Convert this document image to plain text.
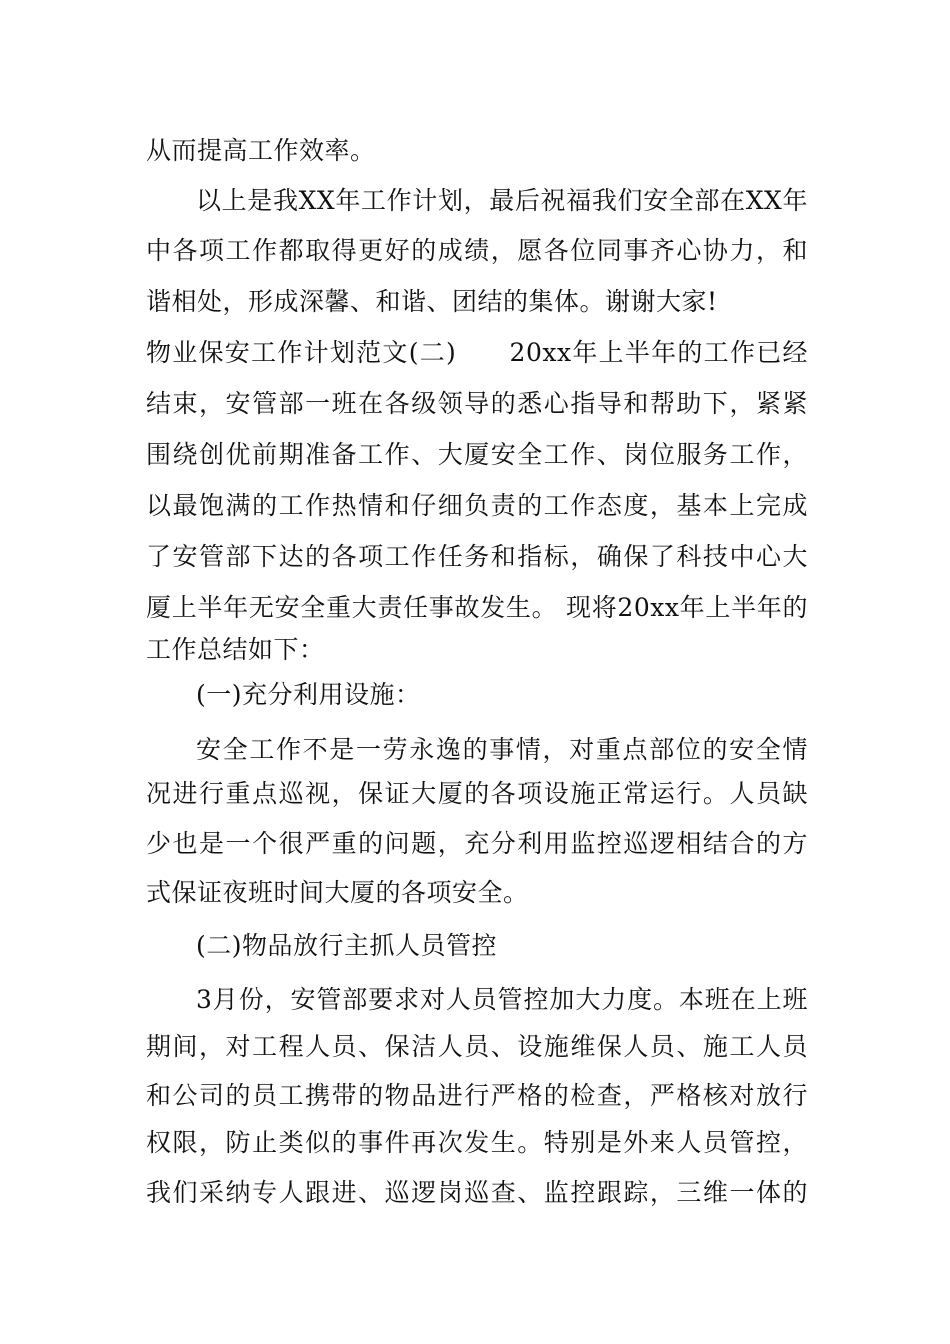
从而提高工作效率。
以上是我XX年工作计划，最后祝福我们安全部在XX年
中各项工作都取得更好的成绩，愿各位同事齐心协力，和
谐相处，形成深馨、和谐、团结的集体。谢谢大家!
物业保安工作计划范文(二)　　20xx年上半年的工作已经
结束，安管部一班在各级领导的悉心指导和帮助下，紧紧
围绕创优前期准备工作、大厦安全工作、岗位服务工作，
以最饱满的工作热情和仔细负责的工作态度，基本上完成
了安管部下达的各项工作任务和指标，确保了科技中心大
厦上半年无安全重大责任事故发生。 现将20xx年上半年的
工作总结如下：
(一)充分利用设施：
安全工作不是一劳永逸的事情，对重点部位的安全情
况进行重点巡视，保证大厦的各项设施正常运行。人员缺
少也是一个很严重的问题，充分利用监控巡逻相结合的方
式保证夜班时间大厦的各项安全。
(二)物品放行主抓人员管控
3月份，安管部要求对人员管控加大力度。本班在上班
期间，对工程人员、保洁人员、设施维保人员、施工人员
和公司的员工携带的物品进行严格的检查，严格核对放行
权限，防止类似的事件再次发生。特别是外来人员管控，
我们采纳专人跟进、巡逻岗巡查、监控跟踪，三维一体的
